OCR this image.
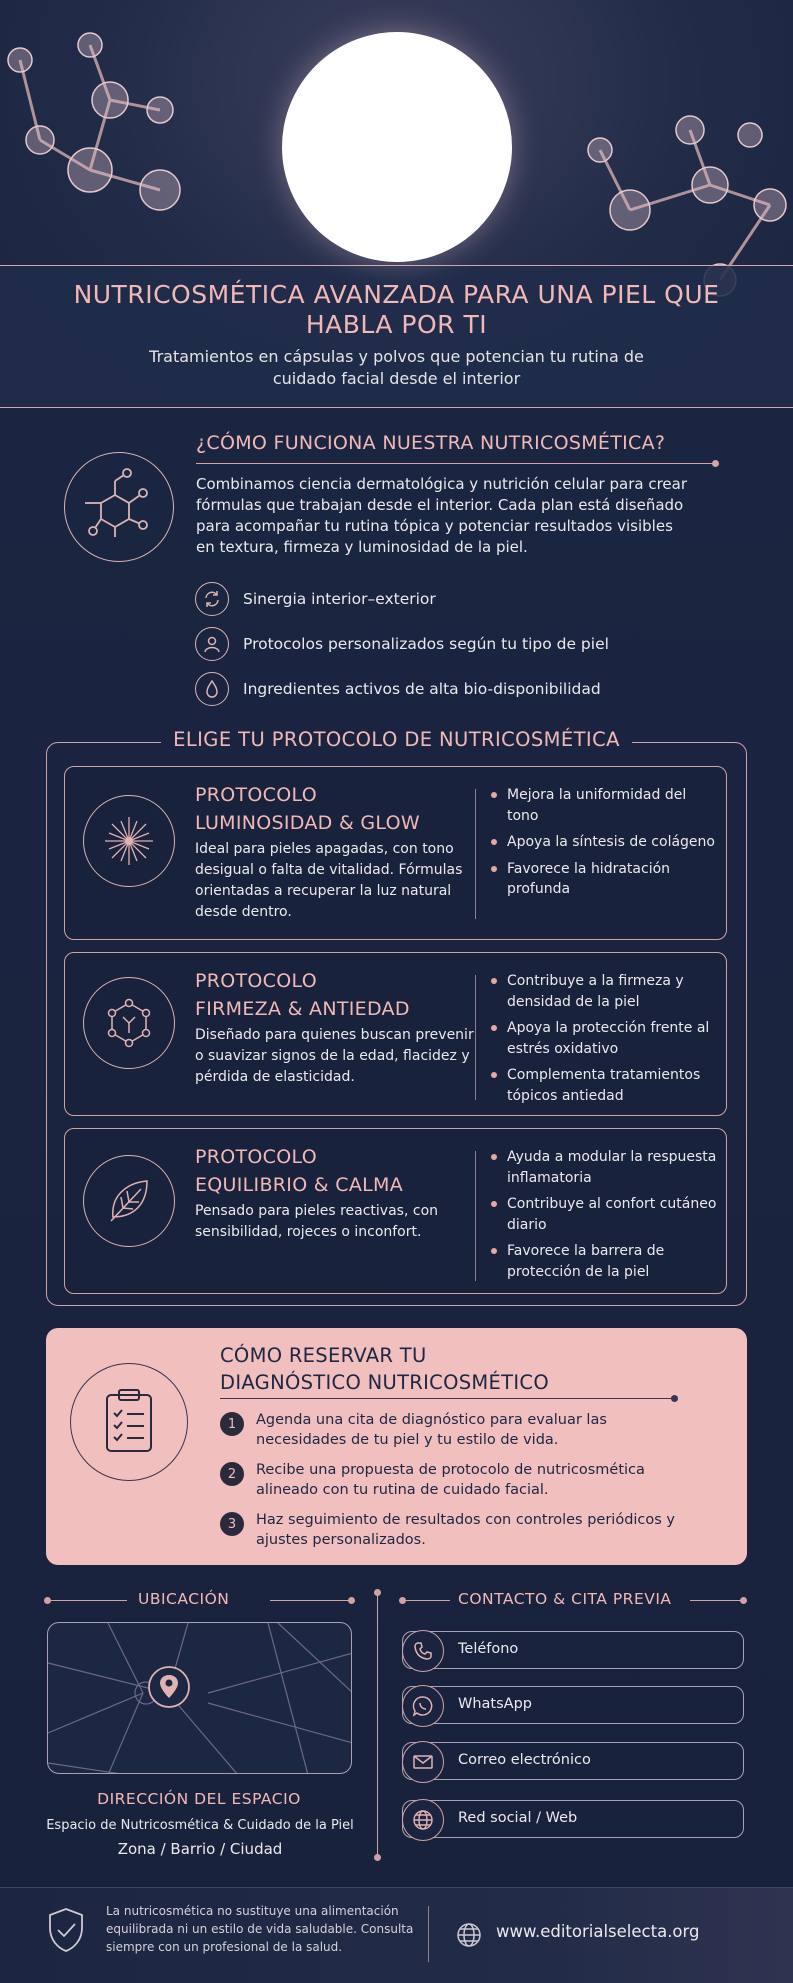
NUTRICOSMÉTICA AVANZADA PARA UNA PIEL QUE HABLA POR TI
Tratamientos en cápsulas y polvos que potencian tu rutina de cuidado facial desde el interior
¿CÓMO FUNCIONA NUESTRA NUTRICOSMÉTICA?
Combinamos ciencia dermatológica y nutrición celular para crear fórmulas que trabajan desde el interior. Cada plan está diseñado para acompañar tu rutina tópica y potenciar resultados visibles en textura, firmeza y luminosidad de la piel.
Sinergia interior–exterior
Protocolos personalizados según tu tipo de piel
Ingredientes activos de alta bio-disponibilidad
ELIGE TU PROTOCOLO DE NUTRICOSMÉTICA
PROTOCOLO
LUMINOSIDAD & GLOW
Ideal para pieles apagadas, con tono desigual o falta de vitalidad. Fórmulas orientadas a recuperar la luz natural desde dentro.
Mejora la uniformidad del tono
Apoya la síntesis de colágeno
Favorece la hidratación profunda
PROTOCOLO
FIRMEZA & ANTIEDAD
Diseñado para quienes buscan prevenir o suavizar signos de la edad, flacidez y pérdida de elasticidad.
Contribuye a la firmeza y densidad de la piel
Apoya la protección frente al estrés oxidativo
Complementa tratamientos tópicos antiedad
PROTOCOLO
EQUILIBRIO & CALMA
Pensado para pieles reactivas, con sensibilidad, rojeces o inconfort.
Ayuda a modular la respuesta inflamatoria
Contribuye al confort cutáneo diario
Favorece la barrera de protección de la piel
CÓMO RESERVAR TU
DIAGNÓSTICO NUTRICOSMÉTICO
1	Agenda una cita de diagnóstico para evaluar las necesidades de tu piel y tu estilo de vida.
2	Recibe una propuesta de protocolo de nutricosmética alineado con tu rutina de cuidado facial.
3	Haz seguimiento de resultados con controles periódicos y ajustes personalizados.
UBICACIÓN
DIRECCIÓN DEL ESPACIO
Espacio de Nutricosmética & Cuidado de la Piel
Zona / Barrio / Ciudad
CONTACTO & CITA PREVIA
Teléfono
WhatsApp
Correo electrónico
Red social / Web
La nutricosmética no sustituye una alimentación equilibrada ni un estilo de vida saludable. Consulta siempre con un profesional de la salud.
www.editorialselecta.org
